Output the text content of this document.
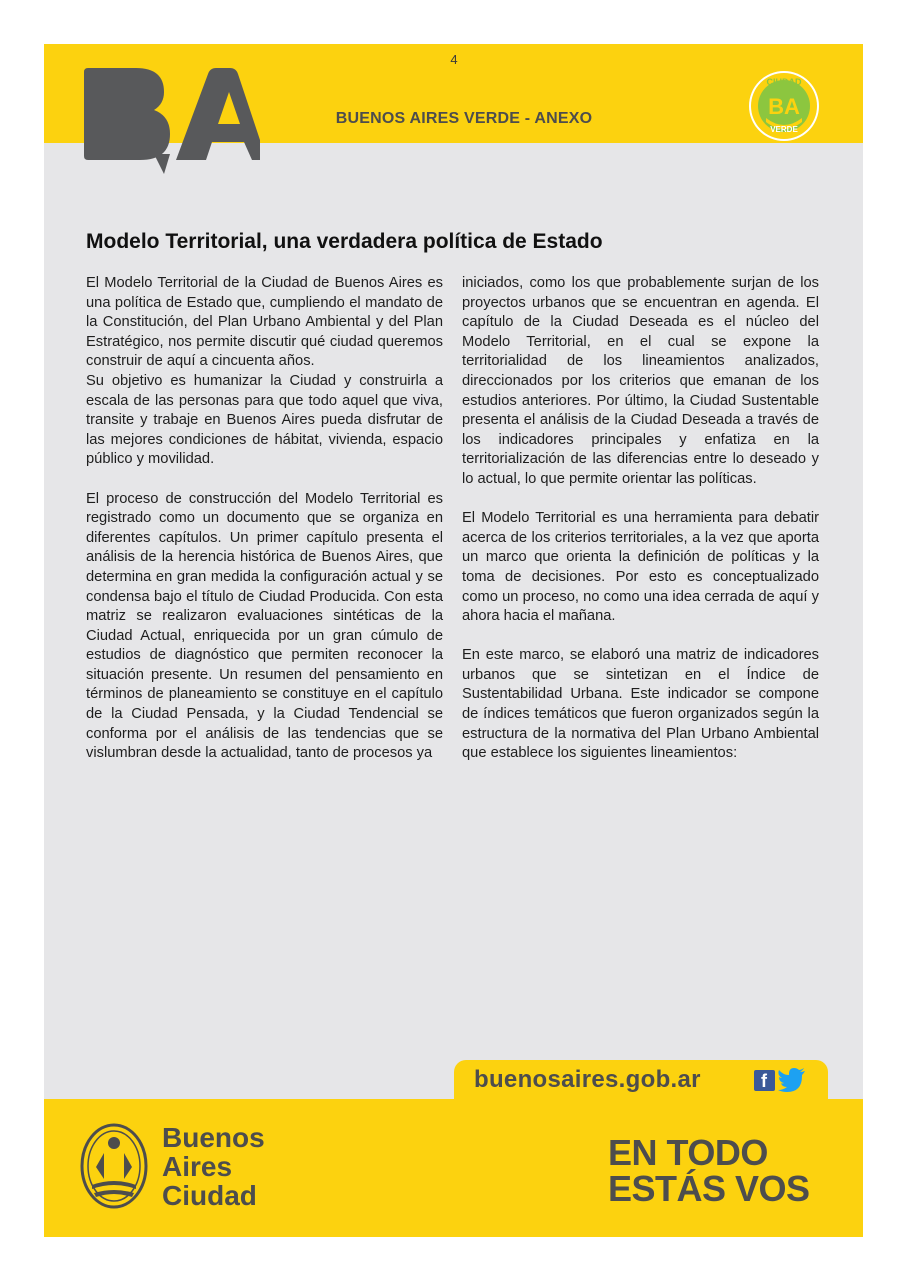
4
BUENOS AIRES VERDE - ANEXO
CIUDAD
BA
VERDE
Modelo Territorial, una verdadera política de Estado

El Modelo Territorial de la Ciudad de Buenos Aires es una política de Estado que, cumpliendo el mandato de la Constitución, del Plan Urbano Ambiental y del Plan Estratégico, nos permite discutir qué ciudad queremos construir de aquí a cincuenta años.

Su objetivo es humanizar la Ciudad y construirla a escala de las personas para que todo aquel que viva, transite y trabaje en Buenos Aires pueda disfrutar de las mejores condiciones de hábitat, vivienda, espacio público y movilidad.

El proceso de construcción del Modelo Territorial es registrado como un documento que se organiza en diferentes capítulos. Un primer capítulo presenta el análisis de la herencia histórica de Buenos Aires, que determina en gran medida la configuración actual y se condensa bajo el título de Ciudad Producida. Con esta matriz se realizaron evaluaciones sintéticas de la Ciudad Actual, enriquecida por un gran cúmulo de estudios de diagnóstico que permiten reconocer la situación presente. Un resumen del pensamiento en términos de planeamiento se constituye en el capítulo de la Ciudad Pensada, y la Ciudad Tendencial se conforma por el análisis de las tendencias que se vislumbran desde la actualidad, tanto de procesos ya

iniciados, como los que probablemente surjan de los proyectos urbanos que se encuentran en agenda. El capítulo de la Ciudad Deseada es el núcleo del Modelo Territorial, en el cual se expone la territorialidad de los lineamientos analizados, direccionados por los criterios que emanan de los estudios anteriores. Por último, la Ciudad Sustentable presenta el análisis de la Ciudad Deseada a través de los indicadores principales y enfatiza en la territorialización de las diferencias entre lo deseado y lo actual, lo que permite orientar las políticas.

El Modelo Territorial es una herramienta para debatir acerca de los criterios territoriales, a la vez que aporta un marco que orienta la definición de políticas y la toma de decisiones. Por esto es conceptualizado como un proceso, no como una idea cerrada de aquí y ahora hacia el mañana.

En este marco, se elaboró una matriz de indicadores urbanos que se sintetizan en el Índice de Sustentabilidad Urbana. Este indicador se compone de índices temáticos que fueron organizados según la estructura de la normativa del Plan Urbano Ambiental que establece los siguientes lineamientos:

buenosaires.gob.ar	f
Buenos
Aires
Ciudad
EN TODO
ESTÁS VOS
